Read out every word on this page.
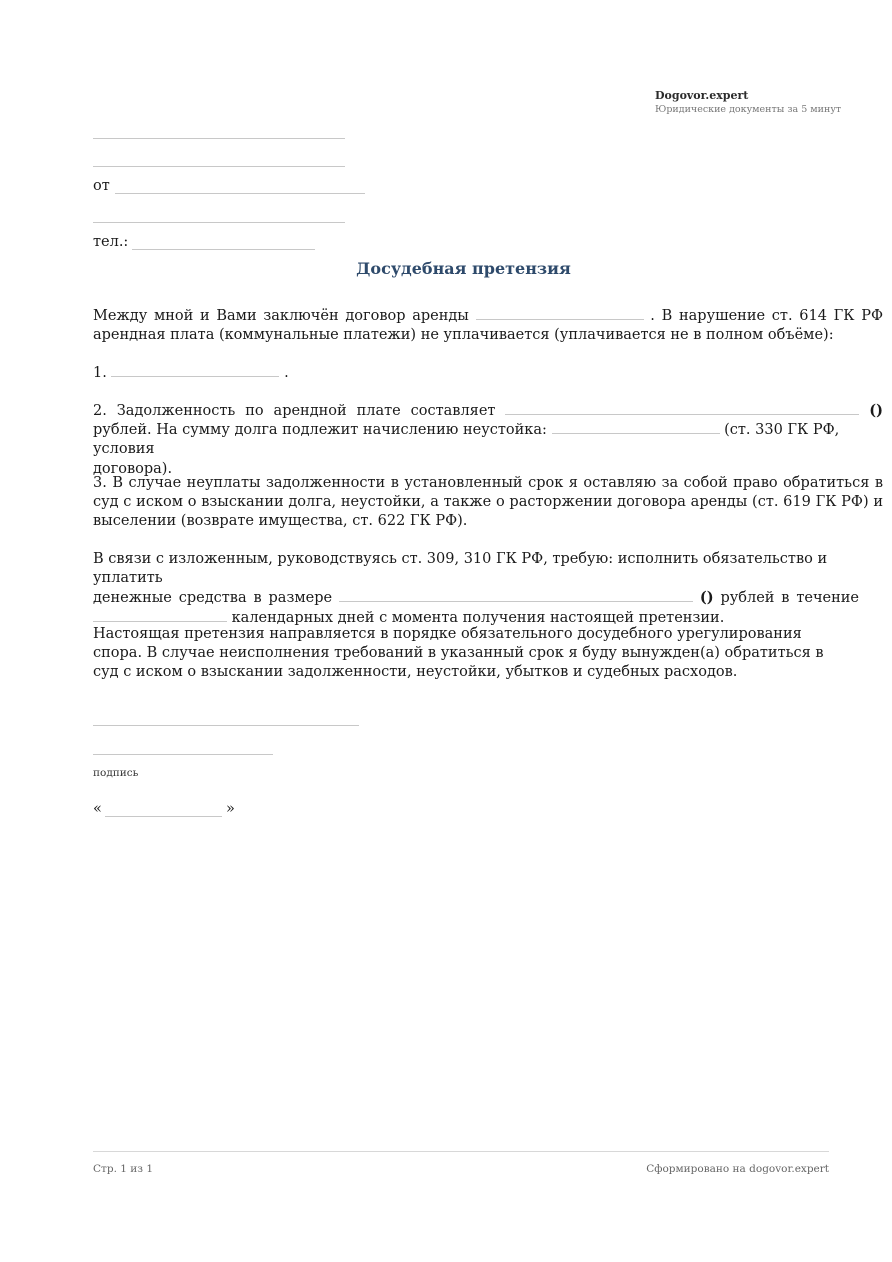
Dogovor.expert
Юридические документы за 5 минут
от
тел.:
Досудебная претензия
Между мной и Вами заключён договор аренды	. В нарушение ст. 614 ГК РФ
арендная плата (коммунальные платежи) не уплачивается (уплачивается не в полном объёме):
1.	.
2. Задолженность по арендной плате составляет	()
рублей. На сумму долга подлежит начислению неустойка:	(ст. 330 ГК РФ, условия
договора).
3. В случае неуплаты задолженности в установленный срок я оставляю за собой право обратиться в суд с иском о взыскании долга, неустойки, а также о расторжении договора аренды (ст. 619 ГК РФ) и выселении (возврате имущества, ст. 622 ГК РФ).
В связи с изложенным, руководствуясь ст. 309, 310 ГК РФ, требую: исполнить обязательство и уплатить
денежные средства в размере	() рублей в течение
календарных дней с момента получения настоящей претензии.
Настоящая претензия направляется в порядке обязательного досудебного урегулирования спора. В случае неисполнения требований в указанный срок я буду вынужден(а) обратиться в суд с иском о взыскании задолженности, неустойки, убытков и судебных расходов.
подпись
«	»
Стр. 1 из 1	Сформировано на dogovor.expert
